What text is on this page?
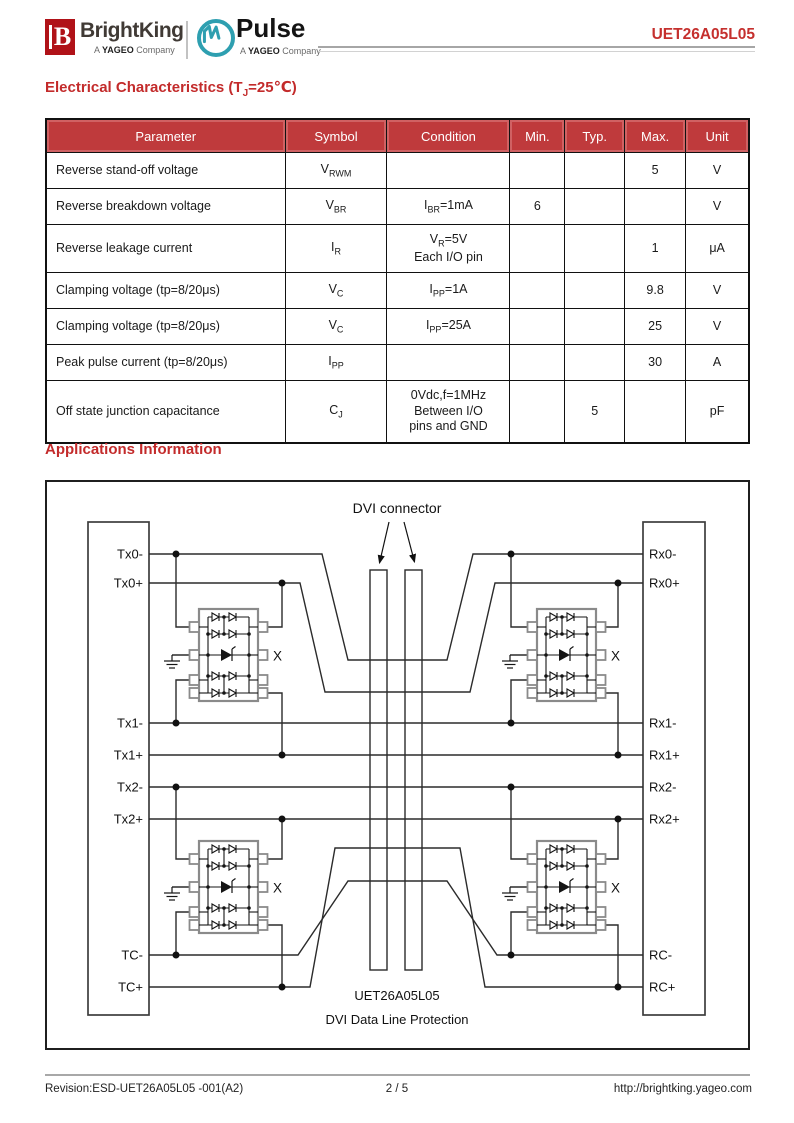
B BrightKing
A YAGEO Company
Pulse
A YAGEO Company
UET26A05L05
Electrical Characteristics $(T_J=25℃)$
Parameter	Symbol	Condition	Min.	Typ.	Max.	Unit
Reverse stand-off voltage	$V_{RWM}$				5	V
Reverse breakdown voltage	$V_{BR}$	$I_{BR}=1mA$	6			V
Reverse leakage current	$I_R$	$V_R=5V$
Each I/O pin			1	μA
Clamping voltage (tp=8/20μs)	$V_C$	$I_{PP}=1A$			9.8	V
Clamping voltage (tp=8/20μs)	$V_C$	$I_{PP}=25A$			25	V
Peak pulse current (tp=8/20μs)	$I_{PP}$				30	A
Off state junction capacitance	$C_J$	0Vdc,f=1MHz
Between I/O
pins and GND		5		pF
Applications Information
X
X
X
X
DVI connector
Tx0-
Tx0+
Tx1-
Tx1+
Tx2-
Tx2+
TC-
TC+
Rx0-
Rx0+
Rx1-
Rx1+
Rx2-
Rx2+
RC-
RC+
UET26A05L05
DVI Data Line Protection
Revision:ESD-UET26A05L05 -001(A2)	2 / 5	http://brightking.yageo.com
